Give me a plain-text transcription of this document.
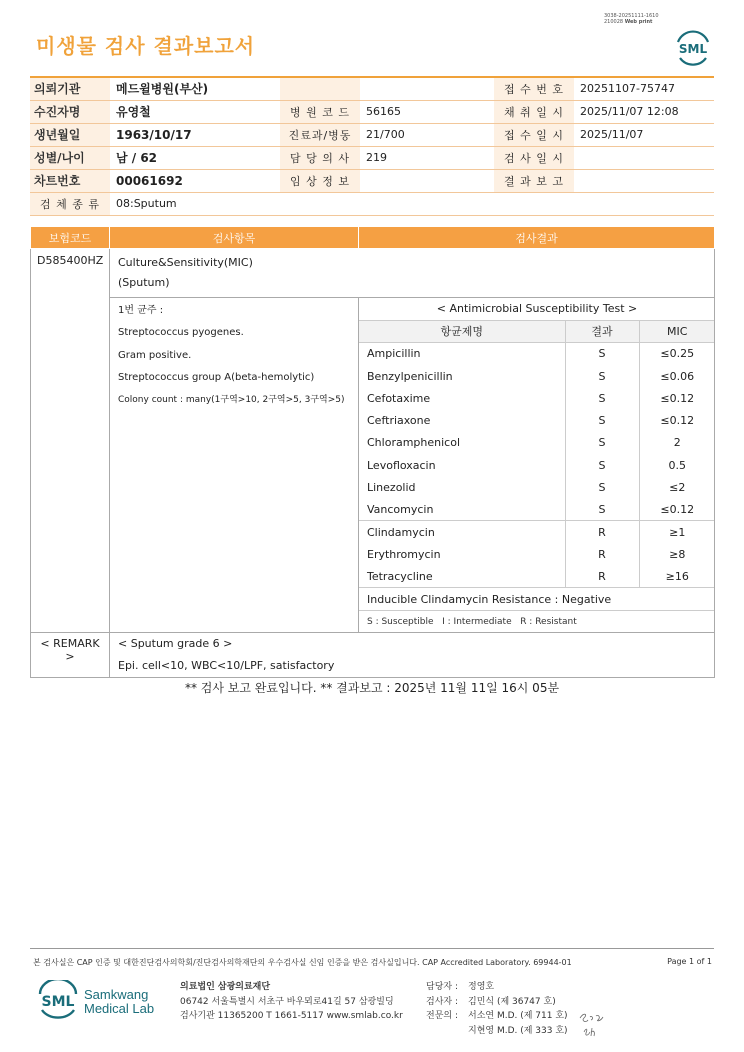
미생물 검사 결과보고서
3038-20251111-1610
210028 Web print
SML
의뢰기관	메드윌병원(부산)			접 수 번 호	20251107-75747
수진자명	유영철	병 원 코 드	56165	채 취 일 시	2025/11/07 12:08
생년월일	1963/10/17	진료과/병동	21/700	접 수 일 시	2025/11/07
성별/나이	남 / 62	담 당 의 사	219	검 사 일 시	
차트번호	00061692	임 상 정 보		결 과 보 고	
검 체 종 류	08:Sputum				
보험코드	검사항목	검사결과
D585400HZ	Culture&Sensitivity(MIC)
(Sputum)

1번 균주 :
Streptococcus pyogenes.
Gram positive.
Streptococcus group A(beta-hemolytic)
Colony count : many(1구역>10, 2구역>5, 3구역>5)

< Antimicrobial Susceptibility Test >
항균제명	결과	MIC
Ampicillin	S	≤0.25
Benzylpenicillin	S	≤0.06
Cefotaxime	S	≤0.12
Ceftriaxone	S	≤0.12
Chloramphenicol	S	2
Levofloxacin	S	0.5
Linezolid	S	≤2
Vancomycin	S	≤0.12
Clindamycin	R	≥1
Erythromycin	R	≥8
Tetracycline	R	≥16
Inducible Clindamycin Resistance : Negative
S : Susceptible   I : Intermediate   R : Resistant

< REMARK >	
< Sputum grade 6 >
Epi. cell<10, WBC<10/LPF, satisfactory
** 검사 보고 완료입니다. ** 결과보고 : 2025년 11월 11일 16시 05분
본 검사실은 CAP 인증 및 대한진단검사의학회/진단검사의학재단의 우수검사실 신임 인증을 받은 검사실입니다. CAP Accredited Laboratory. 69944-01	Page 1 of 1
SML Samkwang
Medical Lab
의료법인 삼광의료재단
06742 서울특별시 서초구 바우뫼로41길 57 삼광빌딩
검사기관 11365200 T 1661-5117 www.smlab.co.kr
담당자 : 정영호
검사자 : 김민식 (제 36747 호)
전문의 : 서소연 M.D. (제 711 호)
지현영 M.D. (제 333 호)
